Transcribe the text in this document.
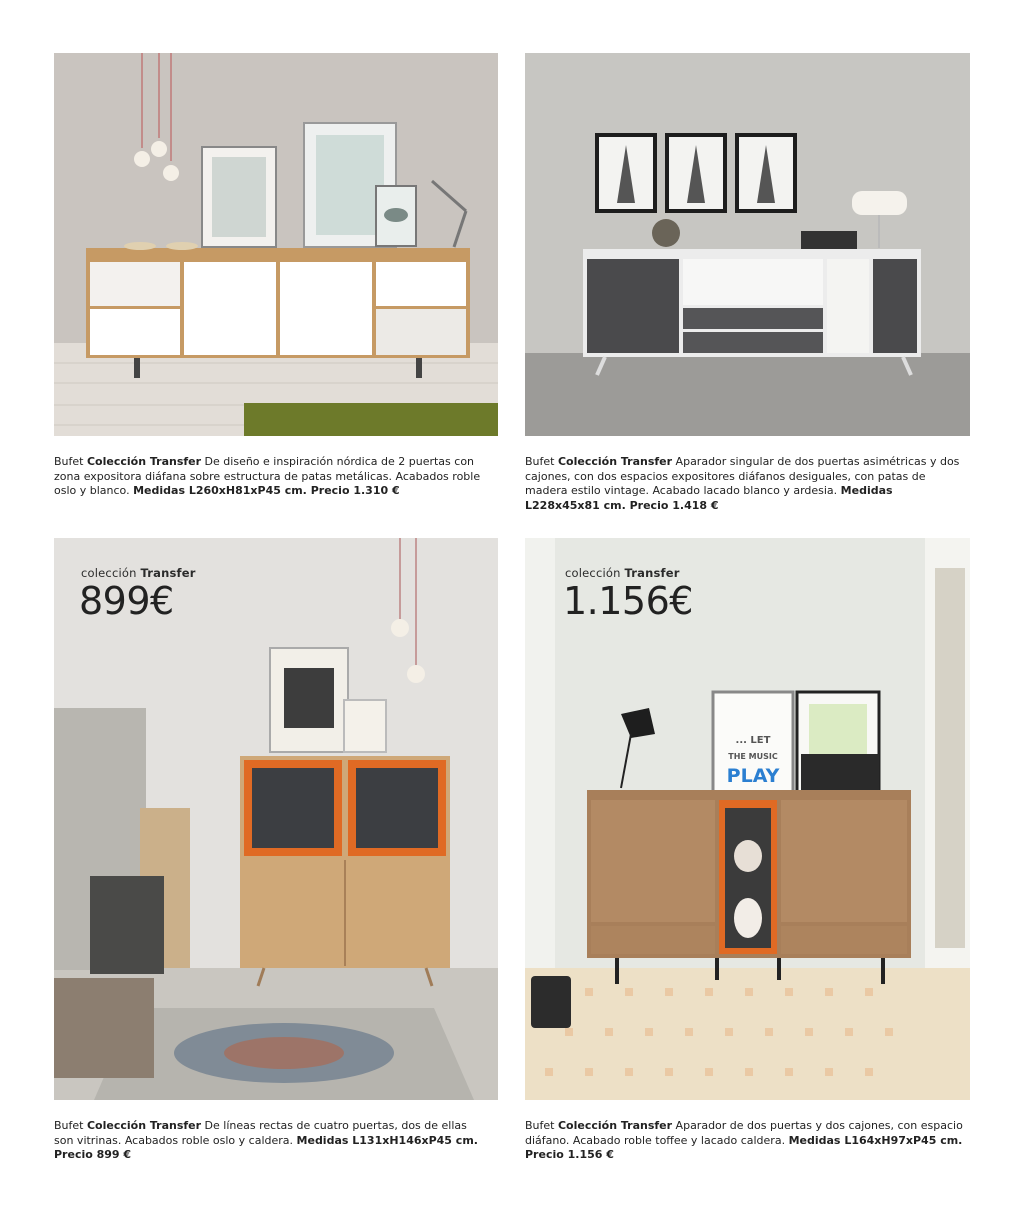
Bufet Colección Transfer De diseño e inspiración nórdica de 2 puertas con zona expositora diáfana sobre estructura de patas metálicas. Acabados roble oslo y blanco. Medidas L260xH81xP45 cm. Precio 1.310 €
Bufet Colección Transfer Aparador singular de dos puertas asimétricas y dos cajones, con dos espacios expositores diáfanos desiguales, con patas de madera estilo vintage. Acabado lacado blanco y ardesia. Medidas L228x45x81 cm. Precio 1.418 €
colección Transfer
899€
Bufet Colección Transfer De líneas rectas de cuatro puertas, dos de ellas son vitrinas. Acabados roble oslo y caldera. Medidas L131xH146xP45 cm. Precio 899 €
... LET
THE MUSIC
PLAY
colección Transfer
1.156€
Bufet Colección Transfer Aparador de dos puertas y dos cajones, con espacio diáfano. Acabado roble toffee y lacado caldera. Medidas L164xH97xP45 cm. Precio 1.156 €
